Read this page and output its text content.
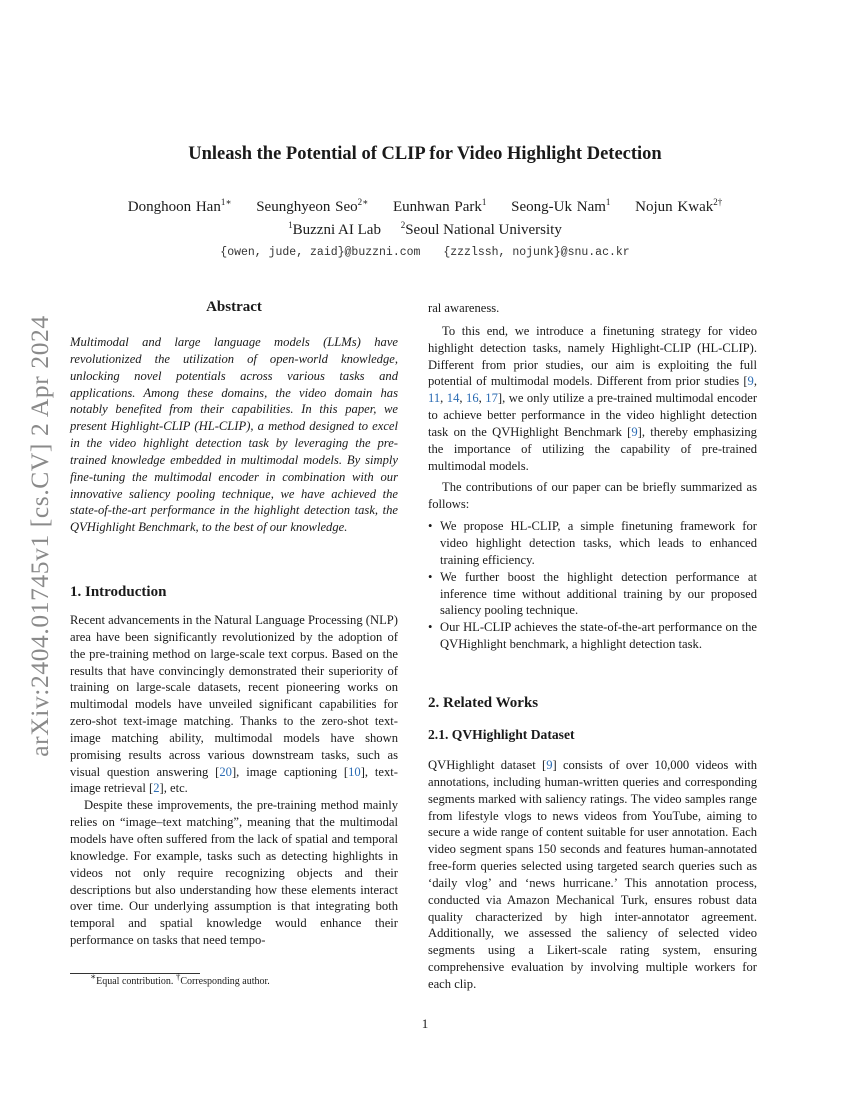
Unleash the Potential of CLIP for Video Highlight Detection
Donghoon Han$^{1∗}$ Seunghyeon Seo$^{2∗}$ Eunhwan Park$^1$ Seong-Uk Nam$^1$ Nojun Kwak$^{2\dagger}$
$^1$Buzzni AI Lab $^2$Seoul National University
{owen, jude, zaid}@buzzni.com {zzzlssh, nojunk}@snu.ac.kr
arXiv:2404.01745v1 [cs.CV] 2 Apr 2024
Abstract
Multimodal and large language models (LLMs) have revolutionized the utilization of open-world knowledge, unlocking novel potentials across various tasks and applications. Among these domains, the video domain has notably benefited from their capabilities. In this paper, we present Highlight-CLIP (HL-CLIP), a method designed to excel in the video highlight detection task by leveraging the pre-trained knowledge embedded in multimodal models. By simply fine-tuning the multimodal encoder in combination with our innovative saliency pooling technique, we have achieved the state-of-the-art performance in the highlight detection task, the QVHighlight Benchmark, to the best of our knowledge.
1. Introduction

Recent advancements in the Natural Language Processing (NLP) area have been significantly revolutionized by the adoption of the pre-training method on large-scale text corpus. Based on the results that have convincingly demonstrated their superiority of training on large-scale datasets, recent pioneering works on multimodal models have unveiled significant capabilities for zero-shot text-image matching. Thanks to the zero-shot text-image matching ability, multimodal models have shown promising results across various downstream tasks, such as visual question answering [20], image captioning [10], text-image retrieval [2], etc.

Despite these improvements, the pre-training method mainly relies on “image–text matching”, meaning that the multimodal models have often suffered from the lack of spatial and temporal knowledge. For example, tasks such as detecting highlights in videos not only require recognizing objects and their descriptions but also understanding how these elements interact over time. Our underlying assumption is that integrating both temporal and spatial knowledge would enhance their performance on tasks that need tempo-

∗Equal contribution. †Corresponding author.

ral awareness.

To this end, we introduce a finetuning strategy for video highlight detection tasks, namely Highlight-CLIP (HL-CLIP). Different from prior studies, our aim is exploiting the full potential of multimodal models. Different from prior studies [9, 11, 14, 16, 17], we only utilize a pre-trained multimodal encoder to achieve better performance in the video highlight detection task on the QVHighlight Benchmark [9], thereby emphasizing the importance of utilizing the capability of pre-trained multimodal models.

The contributions of our paper can be briefly summarized as follows:

• We propose HL-CLIP, a simple finetuning framework for video highlight detection tasks, which leads to enhanced training efficiency.
• We further boost the highlight detection performance at inference time without additional training by our proposed saliency pooling technique.
• Our HL-CLIP achieves the state-of-the-art performance on the QVHighlight benchmark, a highlight detection task.
2. Related Works
2.1. QVHighlight Dataset

QVHighlight dataset [9] consists of over 10,000 videos with annotations, including human-written queries and corresponding segments marked with saliency ratings. The video samples range from lifestyle vlogs to news videos from YouTube, aiming to secure a wide range of content suitable for user annotation. Each video segment spans 150 seconds and features human-annotated free-form queries selected using targeted search queries such as ‘daily vlog’ and ‘news hurricane.’ This annotation process, conducted via Amazon Mechanical Turk, ensures robust data quality characterized by high inter-annotator agreement. Additionally, we assessed the saliency of selected video segments using a Likert-scale rating system, ensuring comprehensive evaluation by involving multiple workers for each clip.

1
